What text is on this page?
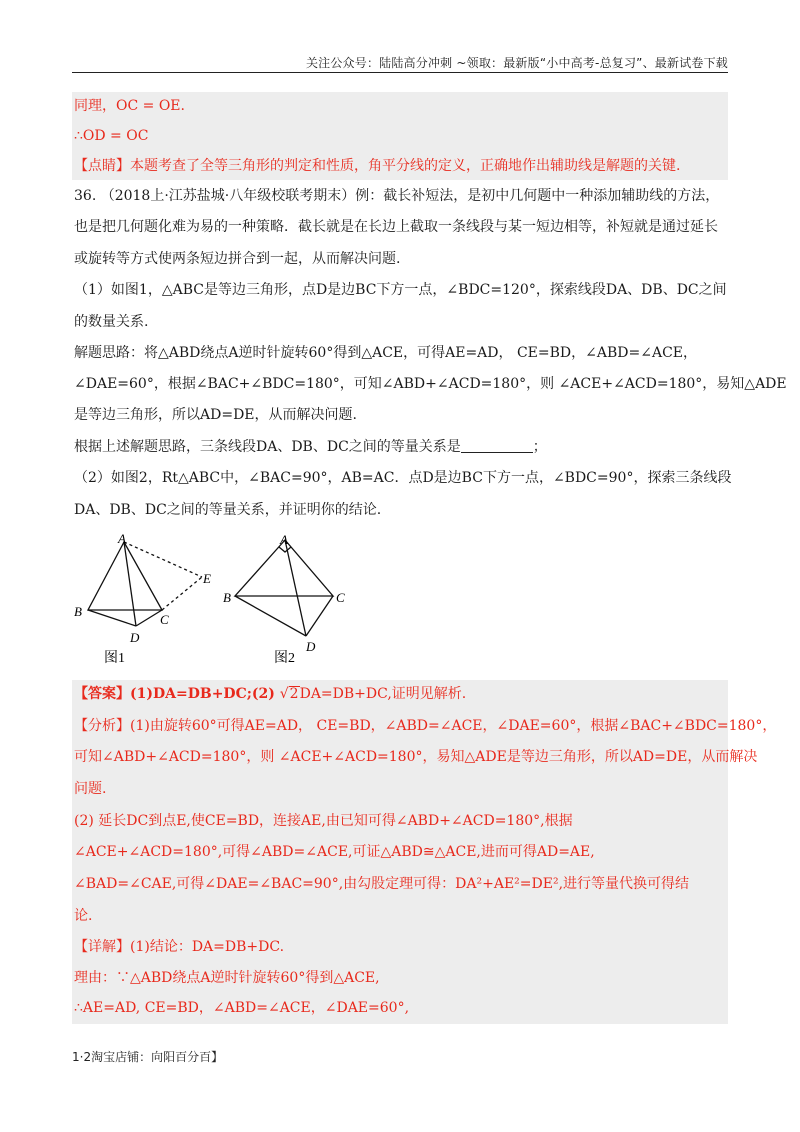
关注公众号：陆陆高分冲刺 ~领取：最新版“小中高考-总复习”、最新试卷下载
同理，OC = OE.
∴OD = OC
【点睛】本题考查了全等三角形的判定和性质，角平分线的定义，正确地作出辅助线是解题的关键.
36. （2018上·江苏盐城·八年级校联考期末）例：截长补短法，是初中几何题中一种添加辅助线的方法，
也是把几何题化难为易的一种策略．截长就是在长边上截取一条线段与某一短边相等，补短就是通过延长
或旋转等方式使两条短边拼合到一起，从而解决问题.
（1）如图1，△ABC是等边三角形，点D是边BC下方一点，∠BDC=120°，探索线段DA、DB、DC之间
的数量关系.
解题思路：将△ABD绕点A逆时针旋转60°得到△ACE，可得AE=AD， CE=BD，∠ABD=∠ACE，
∠DAE=60°，根据∠BAC+∠BDC=180°，可知∠ABD+∠ACD=180°，则 ∠ACE+∠ACD=180°，易知△ADE
是等边三角形，所以AD=DE，从而解决问题.
根据上述解题思路，三条线段DA、DB、DC之间的等量关系是	；
（2）如图2，Rt△ABC中，∠BAC=90°，AB=AC．点D是边BC下方一点，∠BDC=90°，探索三条线段
DA、DB、DC之间的等量关系，并证明你的结论.
A
B
C
D
E
图1
A
B	C
D
图2
【答案】(1)DA=DB+DC;(2) √2DA=DB+DC,证明见解析.
【分析】(1)由旋转60°可得AE=AD， CE=BD，∠ABD=∠ACE，∠DAE=60°，根据∠BAC+∠BDC=180°，
可知∠ABD+∠ACD=180°，则 ∠ACE+∠ACD=180°，易知△ADE是等边三角形，所以AD=DE，从而解决
问题.
(2) 延长DC到点E,使CE=BD，连接AE,由已知可得∠ABD+∠ACD=180°,根据
∠ACE+∠ACD=180°,可得∠ABD=∠ACE,可证△ABD≅△ACE,进而可得AD=AE,
∠BAD=∠CAE,可得∠DAE=∠BAC=90°,由勾股定理可得：DA²+AE²=DE²,进行等量代换可得结
论.
【详解】(1)结论：DA=DB+DC.
理由：∵△ABD绕点A逆时针旋转60°得到△ACE,
∴AE=AD, CE=BD，∠ABD=∠ACE，∠DAE=60°,
1·2淘宝店铺：向阳百分百】
